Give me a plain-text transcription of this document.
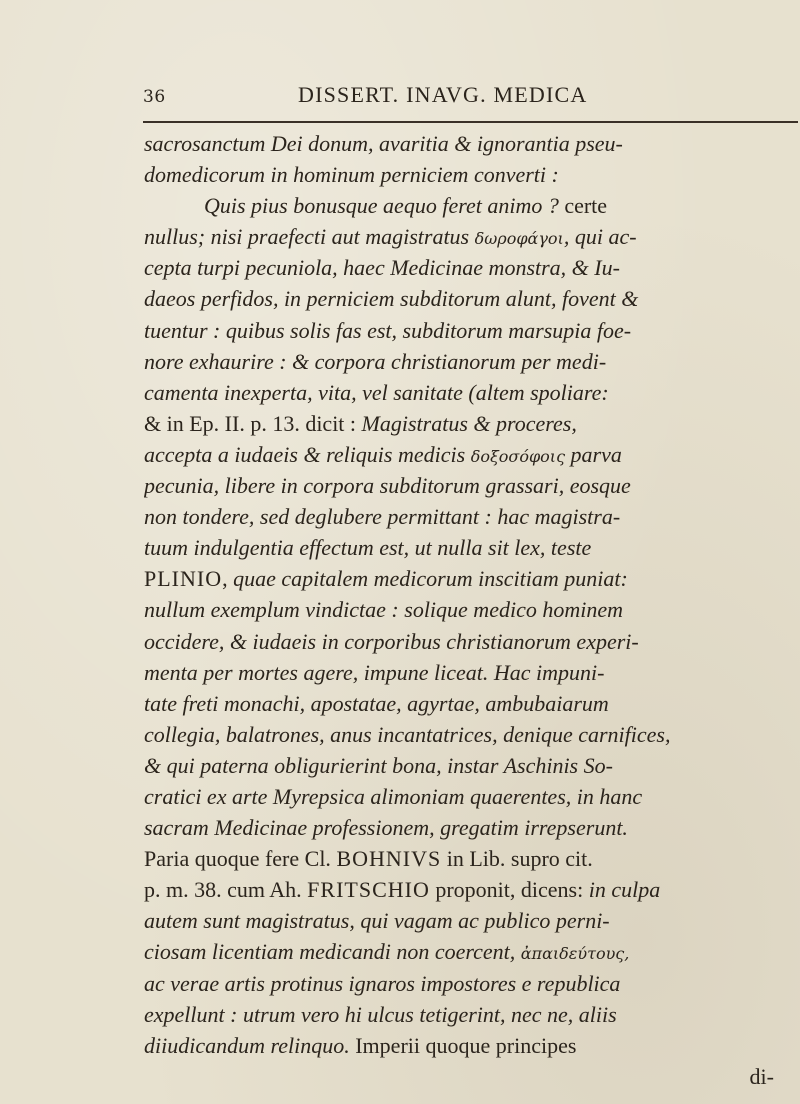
36	DISSERT. INAVG. MEDICA
sacrosanctum Dei donum, avaritia & ignorantia pseu-
domedicorum in hominum perniciem converti :
Quis pius bonusque aequo feret animo ? certe
nullus; nisi praefecti aut magistratus δωροφάγοι, qui ac-
cepta turpi pecuniola, haec Medicinae monstra, & Iu-
daeos perfidos, in perniciem subditorum alunt, fovent &
tuentur : quibus solis fas est, subditorum marsupia foe-
nore exhaurire : & corpora christianorum per medi-
camenta inexperta, vita, vel sanitate (altem spoliare:
& in Ep. II. p. 13. dicit : Magistratus & proceres,
accepta a iudaeis & reliquis medicis δοξοσόφοις parva
pecunia, libere in corpora subditorum grassari, eosque
non tondere, sed deglubere permittant : hac magistra-
tuum indulgentia effectum est, ut nulla sit lex, teste
PLINIO, quae capitalem medicorum inscitiam puniat:
nullum exemplum vindictae : solique medico hominem
occidere, & iudaeis in corporibus christianorum experi-
menta per mortes agere, impune liceat. Hac impuni-
tate freti monachi, apostatae, agyrtae, ambubaiarum
collegia, balatrones, anus incantatrices, denique carnifices,
& qui paterna obligurierint bona, instar Aschinis So-
cratici ex arte Myrepsica alimoniam quaerentes, in hanc
sacram Medicinae professionem, gregatim irrepserunt.
Paria quoque fere Cl. BOHNIVS in Lib. supro cit.
p. m. 38. cum Ah. FRITSCHIO proponit, dicens: in culpa
autem sunt magistratus, qui vagam ac publico perni-
ciosam licentiam medicandi non coercent, ἀπαιδεύτους,
ac verae artis protinus ignaros impostores e republica
expellunt : utrum vero hi ulcus tetigerint, nec ne, aliis
diiudicandum relinquo. Imperii quoque principes
di-
